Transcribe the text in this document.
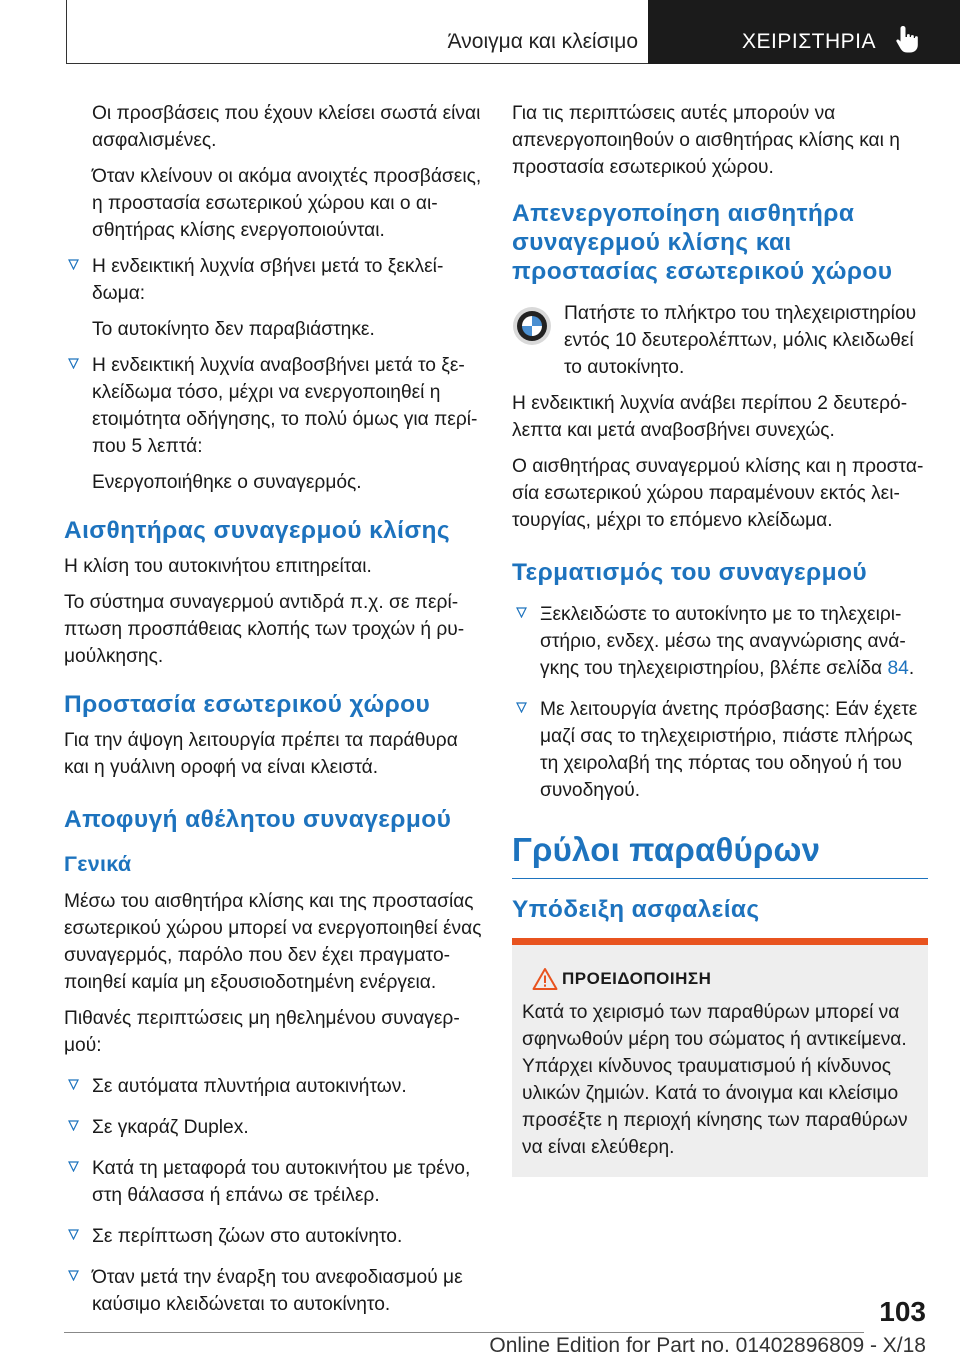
Άνοιγμα και κλείσιμο	ΧΕΙΡΙΣΤΗΡΙΑ

Οι προσβάσεις που έχουν κλείσει σωστά είναι ασφαλισμένες.

Όταν κλείνουν οι ακόμα ανοιχτές προσβάσεις, η προστασία εσωτερικού χώρου και ο αισθητήρας κλίσης ενεργοποιούνται.

Η ενδεικτική λυχνία σβήνει μετά το ξεκλείδωμα:

Το αυτοκίνητο δεν παραβιάστηκε.

Η ενδεικτική λυχνία αναβοσβήνει μετά το ξεκλείδωμα τόσο, μέχρι να ενεργοποιηθεί η ετοιμότητα οδήγησης, το πολύ όμως για περίπου 5 λεπτά:

Ενεργοποιήθηκε ο συναγερμός.

Αισθητήρας συναγερμού κλίσης

Η κλίση του αυτοκινήτου επιτηρείται.

Το σύστημα συναγερμού αντιδρά π.χ. σε περίπτωση προσπάθειας κλοπής των τροχών ή ρυμούλκησης.

Προστασία εσωτερικού χώρου

Για την άψογη λειτουργία πρέπει τα παράθυρα και η γυάλινη οροφή να είναι κλειστά.

Αποφυγή αθέλητου συναγερμού
Γενικά

Μέσω του αισθητήρα κλίσης και της προστασίας εσωτερικού χώρου μπορεί να ενεργοποιηθεί ένας συναγερμός, παρόλο που δεν έχει πραγματοποιηθεί καμία μη εξουσιοδοτημένη ενέργεια.

Πιθανές περιπτώσεις μη ηθελημένου συναγερμού:

Σε αυτόματα πλυντήρια αυτοκινήτων.

Σε γκαράζ Duplex.

Κατά τη μεταφορά του αυτοκινήτου με τρένο, στη θάλασσα ή επάνω σε τρέιλερ.

Σε περίπτωση ζώων στο αυτοκίνητο.

Όταν μετά την έναρξη του ανεφοδιασμού με καύσιμο κλειδώνεται το αυτοκίνητο.

Για τις περιπτώσεις αυτές μπορούν να απενεργοποιηθούν ο αισθητήρας κλίσης και η προστασία εσωτερικού χώρου.

Απενεργοποίηση αισθητήρα συναγερμού κλίσης και προστασίας εσωτερικού χώρου

Πατήστε το πλήκτρο του τηλεχειριστηρίου εντός 10 δευτερολέπτων, μόλις κλειδωθεί το αυτοκίνητο.

Η ενδεικτική λυχνία ανάβει περίπου 2 δευτερόλεπτα και μετά αναβοσβήνει συνεχώς.

Ο αισθητήρας συναγερμού κλίσης και η προστασία εσωτερικού χώρου παραμένουν εκτός λειτουργίας, μέχρι το επόμενο κλείδωμα.

Τερματισμός του συναγερμού

Ξεκλειδώστε το αυτοκίνητο με το τηλεχειριστήριο, ενδεχ. μέσω της αναγνώρισης ανάγκης του τηλεχειριστηρίου, βλέπε σελίδα 84.

Με λειτουργία άνετης πρόσβασης: Εάν έχετε μαζί σας το τηλεχειριστήριο, πιάστε πλήρως τη χειρολαβή της πόρτας του οδηγού ή του συνοδηγού.

Γρύλοι παραθύρων
Υπόδειξη ασφαλείας
ΠΡΟΕΙΔΟΠΟΙΗΣΗ

Κατά το χειρισμό των παραθύρων μπορεί να σφηνωθούν μέρη του σώματος ή αντικείμενα. Υπάρχει κίνδυνος τραυματισμού ή κίνδυνος υλικών ζημιών. Κατά το άνοιγμα και κλείσιμο προσέξτε η περιοχή κίνησης των παραθύρων να είναι ελεύθερη.

103
Online Edition for Part no. 01402896809 - X/18
